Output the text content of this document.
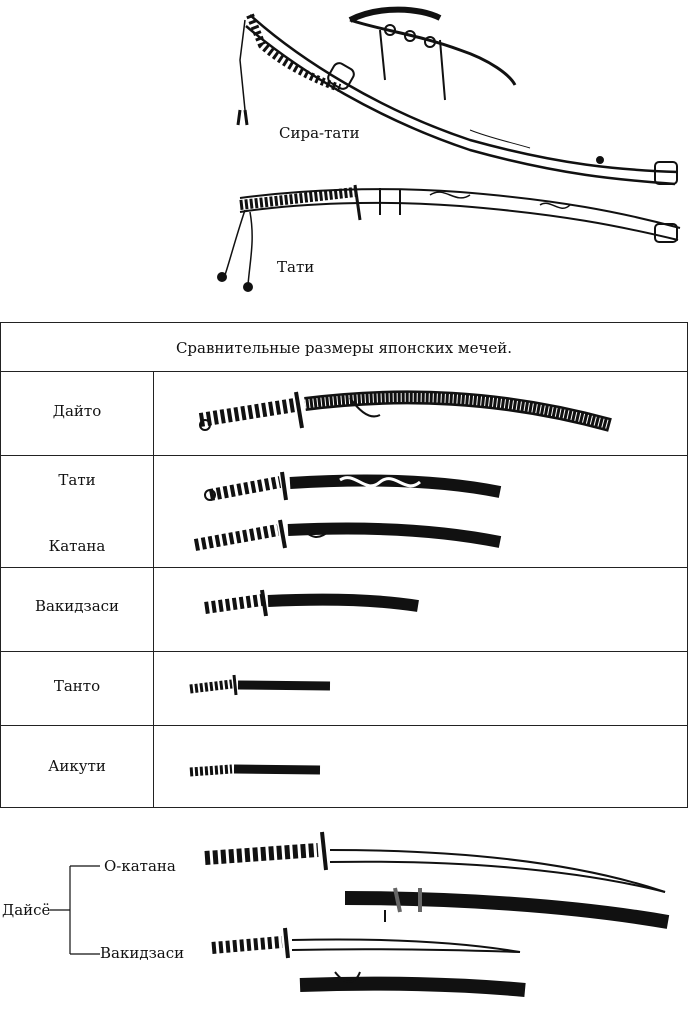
Сира-тати
Тати
Сравнительные размеры японских мечей.
Дайто
Тати
Катана
Вакидзаси
Танто
Аикути
Дайсё
О-катана
Вакидзаси
